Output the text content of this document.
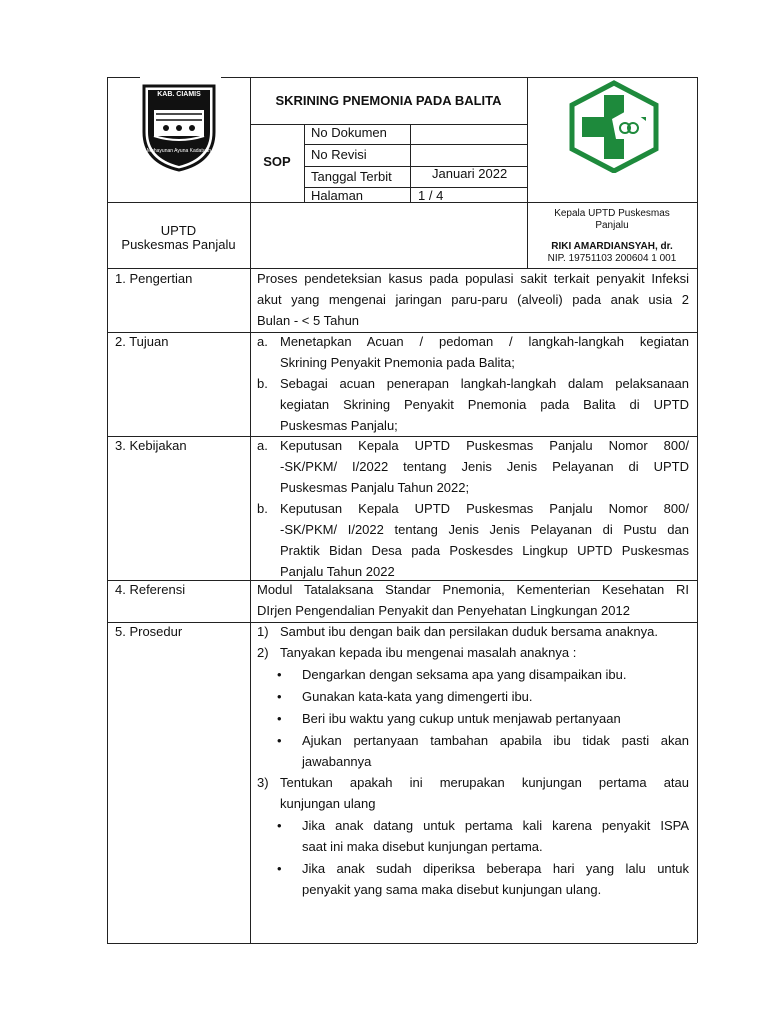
KAB. CIAMIS
Mahayunan Ayuna Kadatuan
SKRINING PNEMONIA PADA BALITA
SOP
No Dokumen
No Revisi
Tanggal Terbit	Januari 2022
Halaman	1 / 4
UPTD
Puskesmas Panjalu
Kepala UPTD Puskesmas
Panjalu
RIKI AMARDIANSYAH, dr.
NIP. 19751103 200604 1 001
1. Pengertian	Proses pendeteksian kasus pada populasi sakit terkait penyakit Infeksi
akut yang mengenai jaringan paru-paru (alveoli) pada anak usia 2
Bulan - < 5 Tahun
2. Tujuan	a. Menetapkan Acuan / pedoman / langkah-langkah kegiatan
Skrining Penyakit Pnemonia pada Balita;
b. Sebagai acuan penerapan langkah-langkah dalam pelaksanaan
kegiatan Skrining Penyakit Pnemonia pada Balita di UPTD
Puskesmas Panjalu;
3. Kebijakan	a. Keputusan Kepala UPTD Puskesmas Panjalu Nomor 800/
-SK/PKM/ I/2022 tentang Jenis Jenis Pelayanan di UPTD
Puskesmas Panjalu Tahun 2022;
b. Keputusan Kepala UPTD Puskesmas Panjalu Nomor 800/
-SK/PKM/ I/2022 tentang Jenis Jenis Pelayanan di Pustu dan
Praktik Bidan Desa pada Poskesdes Lingkup UPTD Puskesmas
Panjalu Tahun 2022
4. Referensi	Modul Tatalaksana Standar Pnemonia, Kementerian Kesehatan RI
DIrjen Pengendalian Penyakit dan Penyehatan Lingkungan 2012
5. Prosedur	1) Sambut ibu dengan baik dan persilakan duduk bersama anaknya.
2) Tanyakan kepada ibu mengenai masalah anaknya :
• Dengarkan dengan seksama apa yang disampaikan ibu.
• Gunakan kata-kata yang dimengerti ibu.
• Beri ibu waktu yang cukup untuk menjawab pertanyaan
• Ajukan pertanyaan tambahan apabila ibu tidak pasti akan
jawabannya
3) Tentukan apakah ini merupakan kunjungan pertama atau
kunjungan ulang
• Jika anak datang untuk pertama kali karena penyakit ISPA
saat ini maka disebut kunjungan pertama.
• Jika anak sudah diperiksa beberapa hari yang lalu untuk
penyakit yang sama maka disebut kunjungan ulang.
